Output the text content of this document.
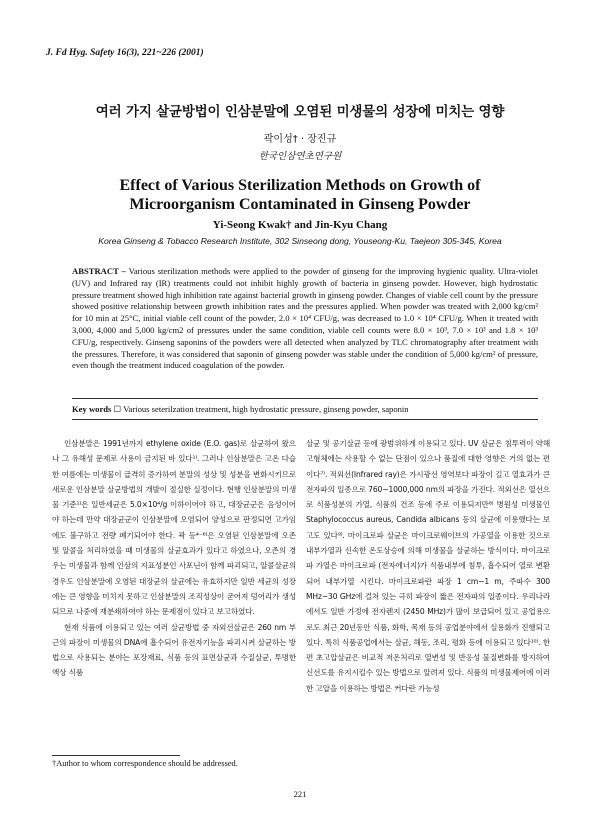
J. Fd Hyg. Safety 16(3), 221~226 (2001)
여러 가지 살균방법이 인삼분말에 오염된 미생물의 성장에 미치는 영향
곽이성† · 장진규
한국인삼연초연구원
Effect of Various Sterilization Methods on Growth of
Microorganism Contaminated in Ginseng Powder
Yi-Seong Kwak† and Jin-Kyu Chang
Korea Ginseng & Tobacco Research Institute, 302 Sinseong dong, Youseong-Ku, Taejeon 305-345, Korea
ABSTRACT – Various sterilization methods were applied to the powder of ginseng for the improving hygienic quality. Ultra-violet (UV) and Infrared ray (IR) treatments could not inhibit highly growth of bacteria in ginseng powder. However, high hydrostatic pressure treatment showed high inhibition rate against bacterial growth in ginseng powder. Changes of viable cell count by the pressure showed positive relationship between growth inhibition rates and the pressures applied. When powder was treated with 2,000 kg/cm² for 10 min at 25°C, initial viable cell count of the powder, 2.0 × 10⁴ CFU/g, was decreased to 1.0 × 10⁴ CFU/g. When it treated with 3,000, 4,000 and 5,000 kg/cm2 of pressures under the same condition, viable cell counts were 8.0 × 10³, 7.0 × 10³ and 1.8 × 10³ CFU/g, respectively. Ginseng saponins of the powders were all detected when analyzed by TLC chromatography after treatment with the pressures. Therefore, it was considered that saponin of ginseng powder was stable under the condition of 5,000 kg/cm² of pressure, even though the treatment induced coagulation of the powder.
Key words ☐ Various seterilzation treatment, high hydrostatic pressure, ginseng powder, saponin

인삼분말은 1991년까지 ethylene oxide (E.O. gas)로 살균하여 왔으나 그 유해성 문제로 사용이 금지된 바 있다¹⁾. 그러나 인삼분말은 고온 다습한 여름에는 미생물이 급격히 증가하여 분말의 성상 및 성분을 변화시키므로 새로운 인삼분말 살균방법의 개발이 절실한 실정이다. 현행 인삼분말의 미생물 기준¹⁾은 일반세균은 5.0×10⁴/g 이하이어야 하고, 대장균군은 음성이어야 하는데 만약 대장균군이 인삼분말에 오염되어 양성으로 판정되면 고가임에도 불구하고 전량 폐기되어야 한다. 곽 등⁴⁻⁶⁾은 오염된 인삼분말에 오존 및 알콜을 처리하였을 때 미생물의 살균효과가 있다고 하였으나, 오존의 경우는 미생물과 함께 인삼의 지표성분인 사포닌이 함께 파괴되고, 알콜살균의 경우도 인삼분말에 오염된 대장균의 살균에는 유효하지만 일반 세균의 성장에는 큰 영향을 미치지 못하고 인삼분말의 조직성상이 굳어져 덩어리가 생성되므로 나중에 재분쇄하여야 하는 문제점이 있다고 보고하였다.

현재 식품에 이용되고 있는 여러 살균방법 중 자외선살균은 260 nm 부근의 파장이 미생물의 DNA에 흡수되어 유전자기능을 파괴시켜 살균하는 방법으로 사용되는 분야는 포장재료, 식품 등의 표면살균과 수질살균, 투명한 액상 식품

살균 및 공기살균 등에 광범위하게 이용되고 있다. UV 살균은 침투력이 약해 고형체에는 사용할 수 없는 단점이 있으나 품질에 대한 영향은 거의 없는 편이다⁷⁾. 적외선(Infrared ray)은 가시광선 영역보다 파장이 길고 열효과가 큰 전자파의 일종으로 760~1000,000 nm의 파장을 가진다. 적외선은 열선으로 식품성분의 가열, 식품의 건조 등에 주로 이용되지만⁸⁾ 병원성 미생물인 Staphylococcus aureus, Candida albicans 등의 살균에 이용했다는 보고도 있다⁹⁾. 마이크로파 살균은 마이크로웨이브의 가공열을 이용한 것으로 내부가열과 신속한 온도상승에 의해 미생물을 살균하는 방식이다. 마이크로파 가열은 마이크로파 (전자에너지)가 식품내부에 침투, 흡수되어 열로 변환되어 내부가열 시킨다. 마이크로파란 파장 1 cm~1 m, 주파수 300 MHz~30 GHz에 걸쳐 있는 극히 파장이 짧은 전자파의 일종이다. 우리나라에서도 일반 가정에 전자렌지 (2450 MHz)가 많이 보급되어 있고 공업용으로도 최근 20년동안 식품, 화학, 목재 등의 공업분야에서 실용화가 진행되고 있다. 특히 식품공업에서는 살균, 해동, 조리, 평화 등에 이용되고 있다¹⁰⁾. 한편 초고압살균은 비교적 저온처리로 열변성 및 반응성 물질변화를 방지하여 신선도를 유지시킬수 있는 방법으로 알려져 있다. 식품의 미생물제어에 이러한 고압을 이용하는 방법은 커다란 가능성

†Author to whom correspondence should be addressed.
221
